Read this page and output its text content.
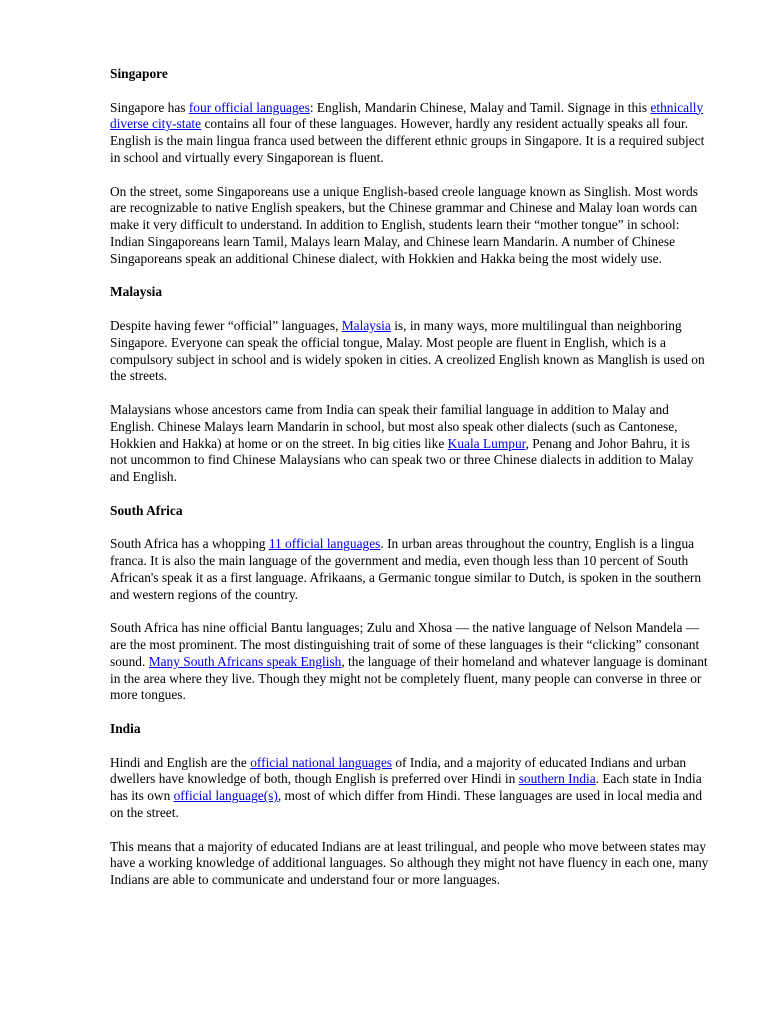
Singapore

Singapore has four official languages: English, Mandarin Chinese, Malay and Tamil. Signage in this ethnically diverse city-state contains all four of these languages. However, hardly any resident actually speaks all four. English is the main lingua franca used between the different ethnic groups in Singapore. It is a required subject in school and virtually every Singaporean is fluent.

On the street, some Singaporeans use a unique English-based creole language known as Singlish. Most words are recognizable to native English speakers, but the Chinese grammar and Chinese and Malay loan words can make it very difficult to understand. In addition to English, students learn their “mother tongue” in school: Indian Singaporeans learn Tamil, Malays learn Malay, and Chinese learn Mandarin. A number of Chinese Singaporeans speak an additional Chinese dialect, with Hokkien and Hakka being the most widely use.

Malaysia

Despite having fewer “official” languages, Malaysia is, in many ways, more multilingual than neighboring Singapore. Everyone can speak the official tongue, Malay. Most people are fluent in English, which is a compulsory subject in school and is widely spoken in cities. A creolized English known as Manglish is used on the streets.

Malaysians whose ancestors came from India can speak their familial language in addition to Malay and English. Chinese Malays learn Mandarin in school, but most also speak other dialects (such as Cantonese, Hokkien and Hakka) at home or on the street. In big cities like Kuala Lumpur, Penang and Johor Bahru, it is not uncommon to find Chinese Malaysians who can speak two or three Chinese dialects in addition to Malay and English.

South Africa

South Africa has a whopping 11 official languages. In urban areas throughout the country, English is a lingua franca. It is also the main language of the government and media, even though less than 10 percent of South African's speak it as a first language. Afrikaans, a Germanic tongue similar to Dutch, is spoken in the southern and western regions of the country.

South Africa has nine official Bantu languages; Zulu and Xhosa — the native language of Nelson Mandela — are the most prominent. The most distinguishing trait of some of these languages is their “clicking” consonant sound. Many South Africans speak English, the language of their homeland and whatever language is dominant in the area where they live. Though they might not be completely fluent, many people can converse in three or more tongues.

India

Hindi and English are the official national languages of India, and a majority of educated Indians and urban dwellers have knowledge of both, though English is preferred over Hindi in southern India. Each state in India has its own official language(s), most of which differ from Hindi. These languages are used in local media and on the street.

This means that a majority of educated Indians are at least trilingual, and people who move between states may have a working knowledge of additional languages. So although they might not have fluency in each one, many Indians are able to communicate and understand four or more languages.
